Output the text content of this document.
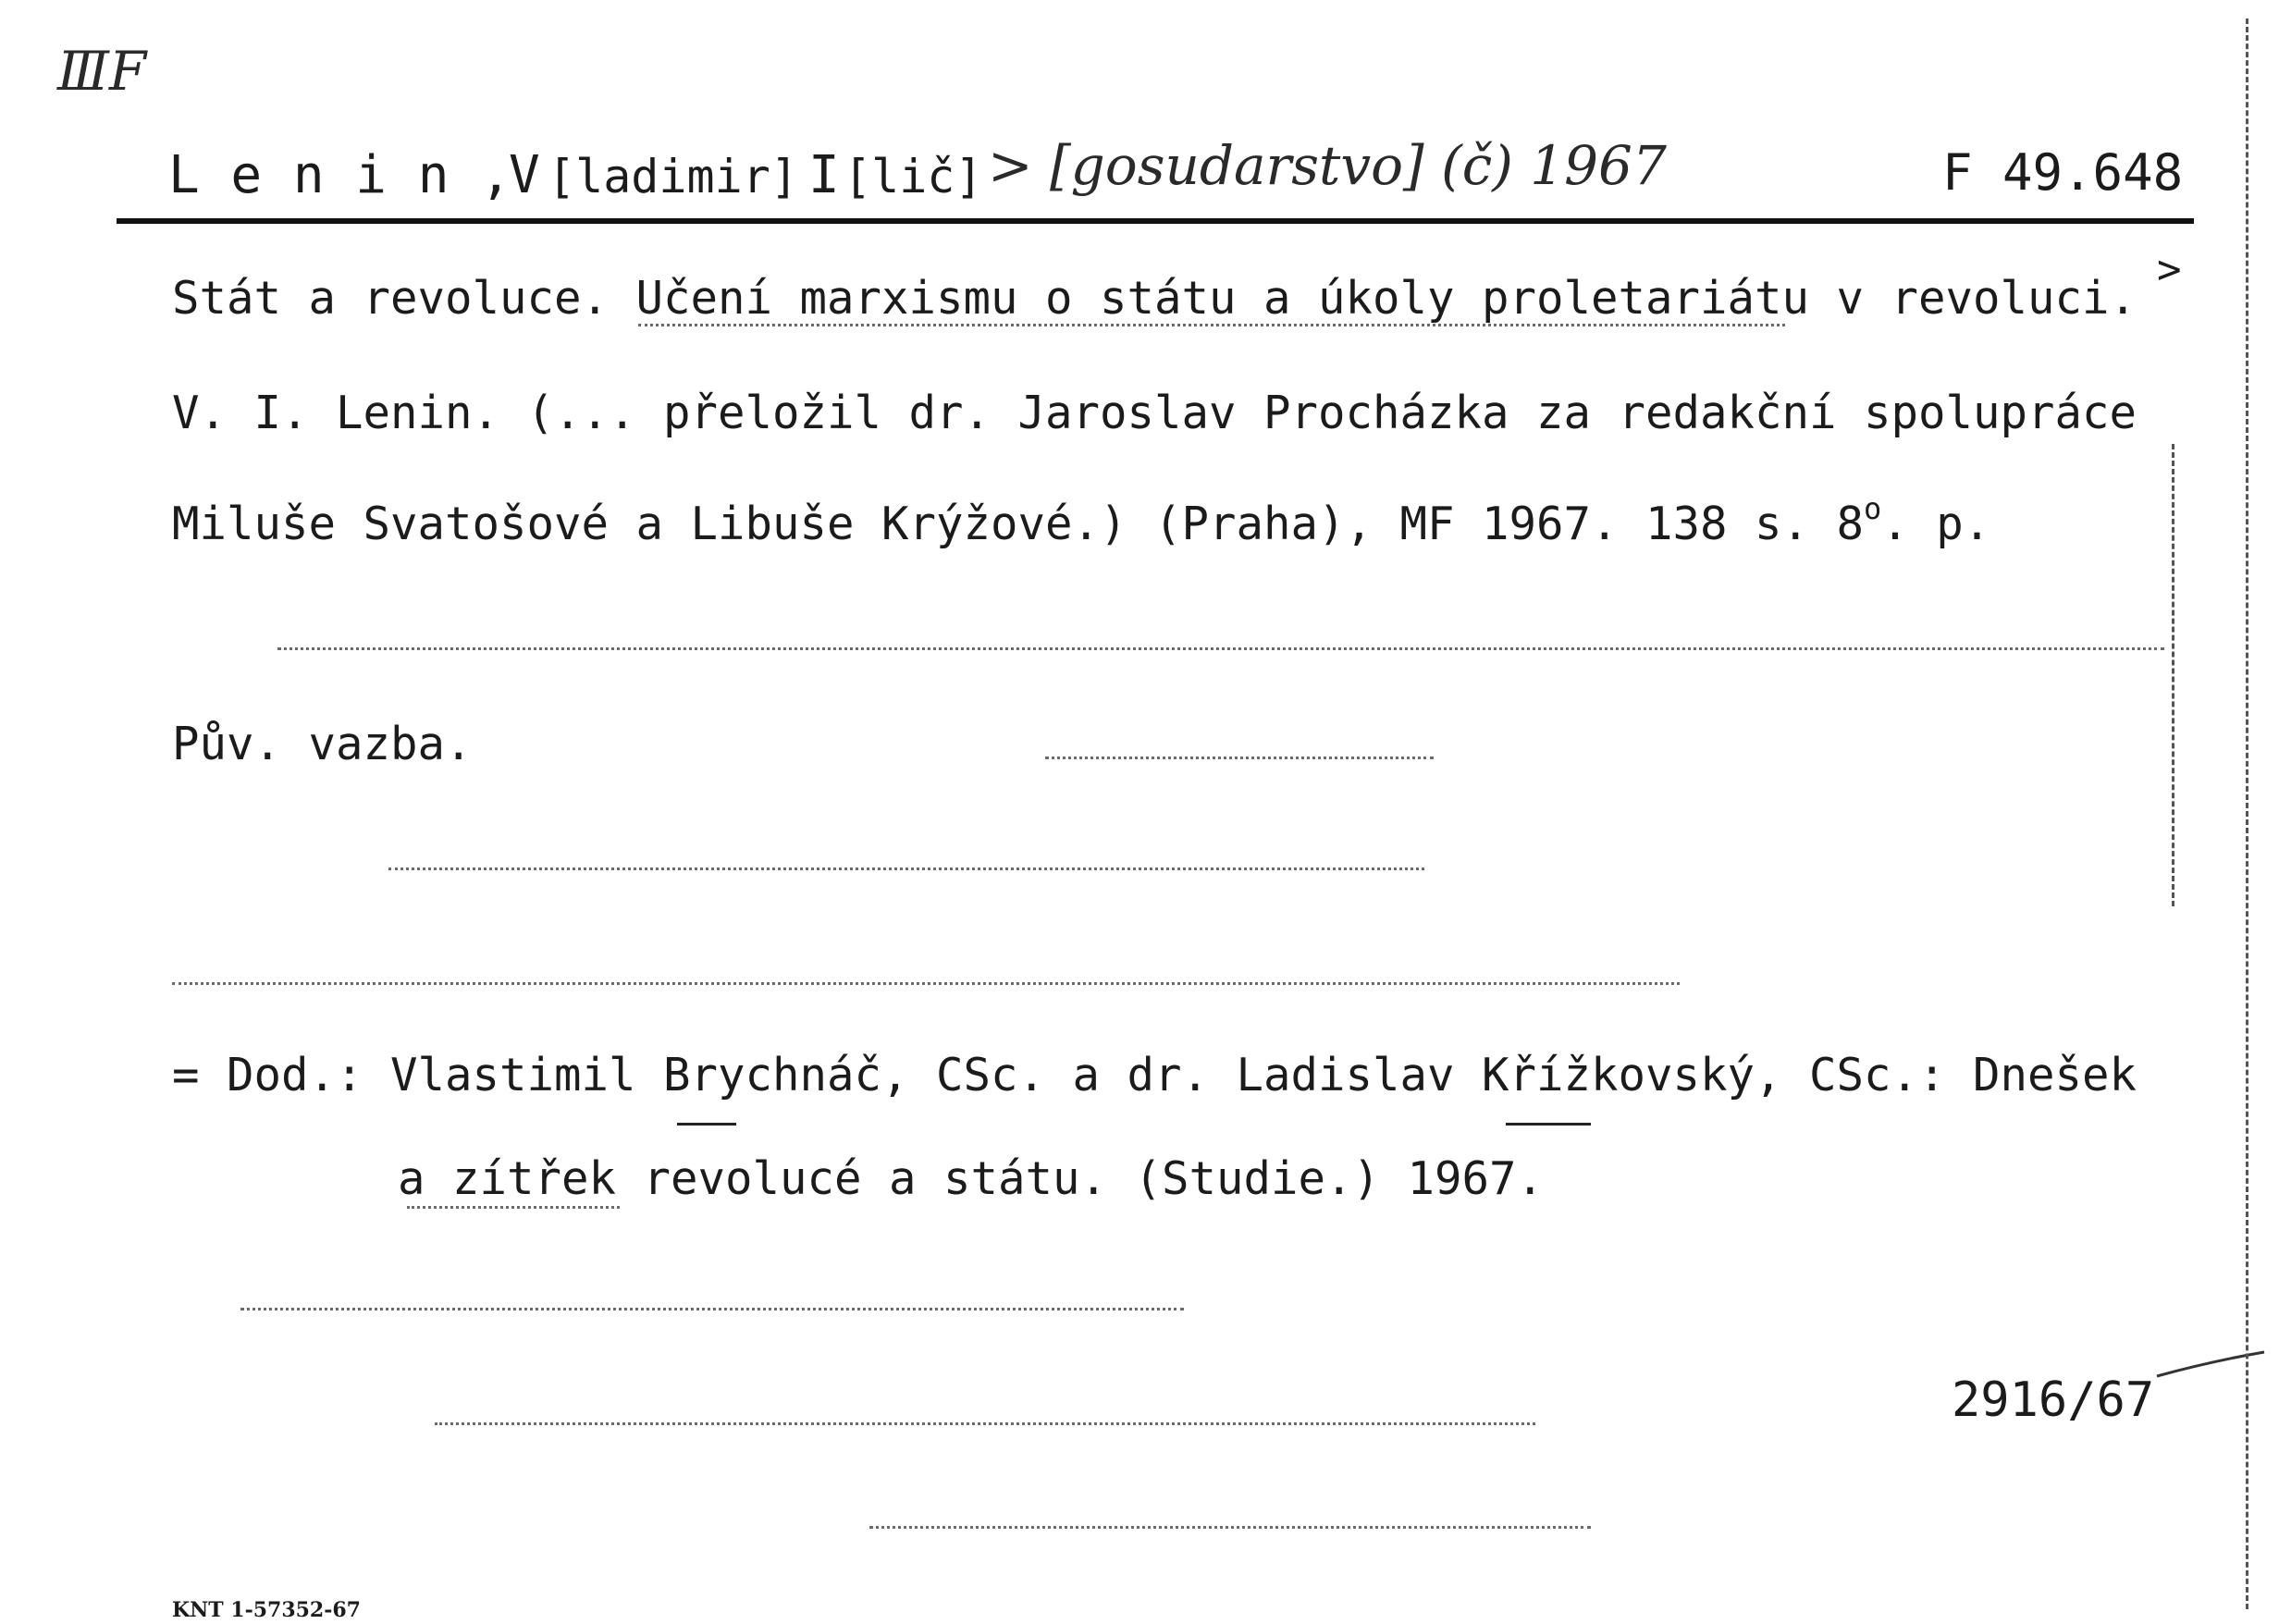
ⅢF
L e n i n ,
V [ladimir] I [lič] > [gosudarstvo] (č) 1967	F 49.648
Stát a revoluce. Učení marxismu o státu a úkoly proletariátu v revoluci.
>
V. I. Lenin. (... přeložil dr. Jaroslav Procházka za redakční spolupráce
Miluše Svatošové a Libuše Krýžové.) (Praha), MF 1967. 138 s. 8$^o$. p.
Pův. vazba.
= Dod.: Vlastimil Brychnáč, CSc. a dr. Ladislav Křížkovský, CSc.: Dnešek
a zítřek revolucé a státu. (Studie.) 1967.
2916/67
KNT 1-57352-67
